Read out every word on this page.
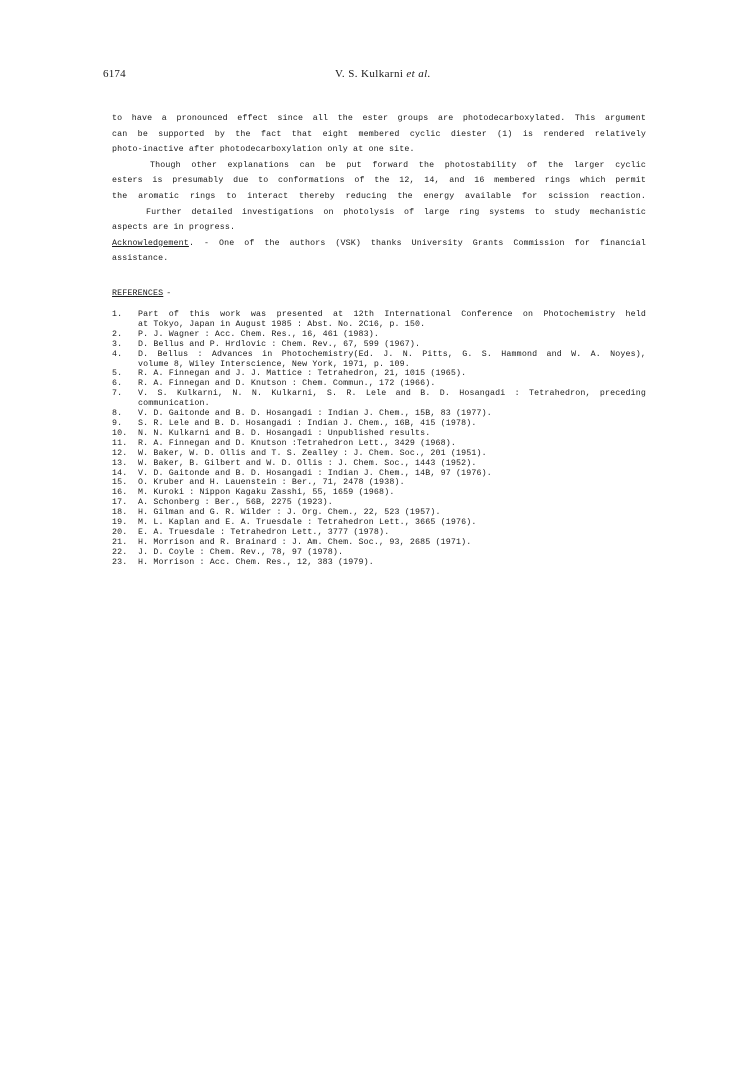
6174	V. S. Kulkarni et al.

to have a pronounced effect since all the ester groups are photodecarboxylated. This argument
can be supported by the fact that eight membered cyclic diester (1) is rendered relatively
photo-inactive after photodecarboxylation only at one site.

Though other explanations can be put forward the photostability of the larger cyclic
esters is presumably due to conformations of the 12, 14, and 16 membered rings which permit
the aromatic rings to interact thereby reducing the energy available for scission reaction.

Further detailed investigations on photolysis of large ring systems to study mechanistic
aspects are in progress.

Acknowledgement. - One of the authors (VSK) thanks University Grants Commission for financial
assistance.

REFERENCES -
1.	Part of this work was presented at 12th International Conference on Photochemistry held
at Tokyo, Japan in August 1985 : Abst. No. 2C16, p. 150.
2.	P. J. Wagner : Acc. Chem. Res., 16, 461 (1983).
3.	D. Bellus and P. Hrdlovic : Chem. Rev., 67, 599 (1967).
4.	D. Bellus : Advances in Photochemistry(Ed. J. N. Pitts, G. S. Hammond and W. A. Noyes),
volume 8, Wiley Interscience, New York, 1971, p. 109.
5.	R. A. Finnegan and J. J. Mattice : Tetrahedron, 21, 1015 (1965).
6.	R. A. Finnegan and D. Knutson : Chem. Commun., 172 (1966).
7.	V. S. Kulkarni, N. N. Kulkarni, S. R. Lele and B. D. Hosangadi : Tetrahedron, preceding
communication.
8.	V. D. Gaitonde and B. D. Hosangadi : Indian J. Chem., 15B, 83 (1977).
9.	S. R. Lele and B. D. Hosangadi : Indian J. Chem., 16B, 415 (1978).
10.	N. N. Kulkarni and B. D. Hosangadi : Unpublished results.
11.	R. A. Finnegan and D. Knutson :Tetrahedron Lett., 3429 (1968).
12.	W. Baker, W. D. Ollis and T. S. Zealley : J. Chem. Soc., 201 (1951).
13.	W. Baker, B. Gilbert and W. D. Ollis : J. Chem. Soc., 1443 (1952).
14.	V. D. Gaitonde and B. D. Hosangadi : Indian J. Chem., 14B, 97 (1976).
15.	O. Kruber and H. Lauenstein : Ber., 71, 2478 (1938).
16.	M. Kuroki : Nippon Kagaku Zasshi, 55, 1659 (1968).
17.	A. Schonberg : Ber., 56B, 2275 (1923).
18.	H. Gilman and G. R. Wilder : J. Org. Chem., 22, 523 (1957).
19.	M. L. Kaplan and E. A. Truesdale : Tetrahedron Lett., 3665 (1976).
20.	E. A. Truesdale : Tetrahedron Lett., 3777 (1978).
21.	H. Morrison and R. Brainard : J. Am. Chem. Soc., 93, 2685 (1971).
22.	J. D. Coyle : Chem. Rev., 78, 97 (1978).
23.	H. Morrison : Acc. Chem. Res., 12, 383 (1979).
